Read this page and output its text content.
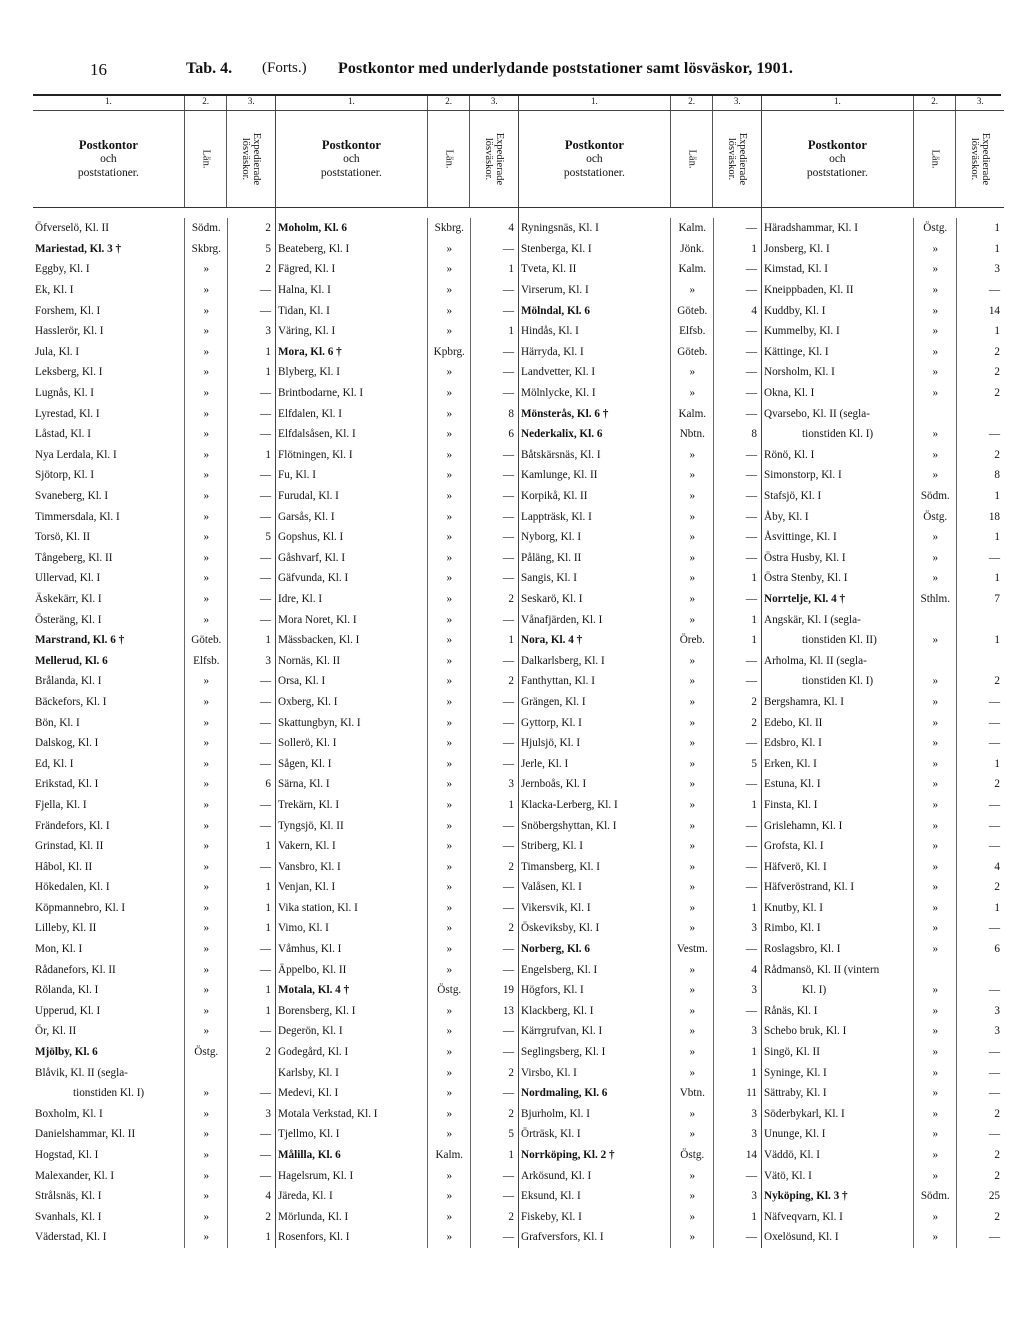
16	Tab. 4. (Forts.) Postkontor med underlydande poststationer samt lösväskor, 1901.
1.	2.	3.
Postkontor
och
poststationer.
Län.	Expedierade lösväskor.
Öfverselö, Kl. II	Södm.	2
Mariestad, Kl. 3 †	Skbrg.	5
Eggby, Kl. I	»	2
Ek, Kl. I	»	—
Forshem, Kl. I	»	—
Hasslerör, Kl. I	»	3
Jula, Kl. I	»	1
Leksberg, Kl. I	»	1
Lugnås, Kl. I	»	—
Lyrestad, Kl. I	»	—
Låstad, Kl. I	»	—
Nya Lerdala, Kl. I	»	1
Sjötorp, Kl. I	»	—
Svaneberg, Kl. I	»	—
Timmersdala, Kl. I	»	—
Torsö, Kl. II	»	5
Tångeberg, Kl. II	»	—
Ullervad, Kl. I	»	—
Äskekärr, Kl. I	»	—
Österäng, Kl. I	»	—
Marstrand, Kl. 6 †	Göteb.	1
Mellerud, Kl. 6	Elfsb.	3
Brålanda, Kl. I	»	—
Bäckefors, Kl. I	»	—
Bön, Kl. I	»	—
Dalskog, Kl. I	»	—
Ed, Kl. I	»	—
Erikstad, Kl. I	»	6
Fjella, Kl. I	»	—
Frändefors, Kl. I	»	—
Grinstad, Kl. II	»	1
Hâbol, Kl. II	»	—
Hökedalen, Kl. I	»	1
Köpmannebro, Kl. I	»	1
Lilleby, Kl. II	»	1
Mon, Kl. I	»	—
Rådanefors, Kl. II	»	—
Rölanda, Kl. I	»	1
Upperud, Kl. I	»	1
Ör, Kl. II	»	—
Mjölby, Kl. 6	Östg.	2
Blåvik, Kl. II (segla-
tionstiden Kl. I)	»	—
Boxholm, Kl. I	»	3
Danielshammar, Kl. II	»	—
Hogstad, Kl. I	»	—
Malexander, Kl. I	»	—
Strålsnäs, Kl. I	»	4
Svanhals, Kl. I	»	2
Väderstad, Kl. I	»	1
1.	2.	3.
Postkontor
och
poststationer.
Län.	Expedierade lösväskor.
Moholm, Kl. 6	Skbrg.	4
Beateberg, Kl. I	»	—
Fägred, Kl. I	»	1
Halna, Kl. I	»	—
Tidan, Kl. I	»	—
Väring, Kl. I	»	1
Mora, Kl. 6 †	Kpbrg.	—
Blyberg, Kl. I	»	—
Brintbodarne, Kl. I	»	—
Elfdalen, Kl. I	»	8
Elfdalsåsen, Kl. I	»	6
Flötningen, Kl. I	»	—
Fu, Kl. I	»	—
Furudal, Kl. I	»	—
Garsås, Kl. I	»	—
Gopshus, Kl. I	»	—
Gåshvarf, Kl. I	»	—
Gäfvunda, Kl. I	»	—
Idre, Kl. I	»	2
Mora Noret, Kl. I	»	—
Mässbacken, Kl. I	»	1
Nornäs, Kl. II	»	—
Orsa, Kl. I	»	2
Oxberg, Kl. I	»	—
Skattungbyn, Kl. I	»	—
Sollerö, Kl. I	»	—
Sågen, Kl. I	»	—
Särna, Kl. I	»	3
Trekärn, Kl. I	»	1
Tyngsjö, Kl. II	»	—
Vakern, Kl. I	»	—
Vansbro, Kl. I	»	2
Venjan, Kl. I	»	—
Vika station, Kl. I	»	—
Vimo, Kl. I	»	2
Våmhus, Kl. I	»	—
Äppelbo, Kl. II	»	—
Motala, Kl. 4 †	Östg.	19
Borensberg, Kl. I	»	13
Degerön, Kl. I	»	—
Godegård, Kl. I	»	—
Karlsby, Kl. I	»	2
Medevi, Kl. I	»	—
Motala Verkstad, Kl. I	»	2
Tjellmo, Kl. I	»	5
Målilla, Kl. 6	Kalm.	1
Hagelsrum, Kl. I	»	—
Järeda, Kl. I	»	—
Mörlunda, Kl. I	»	2
Rosenfors, Kl. I	»	—
1.	2.	3.
Postkontor
och
poststationer.
Län.	Expedierade lösväskor.
Ryningsnäs, Kl. I	Kalm.	—
Stenberga, Kl. I	Jönk.	1
Tveta, Kl. II	Kalm.	—
Virserum, Kl. I	»	—
Mölndal, Kl. 6	Göteb.	4
Hindås, Kl. I	Elfsb.	—
Härryda, Kl. I	Göteb.	—
Landvetter, Kl. I	»	—
Mölnlycke, Kl. I	»	—
Mönsterås, Kl. 6 †	Kalm.	—
Nederkalix, Kl. 6	Nbtn.	8
Båtskärsnäs, Kl. I	»	—
Kamlunge, Kl. II	»	—
Korpikå, Kl. II	»	—
Lappträsk, Kl. I	»	—
Nyborg, Kl. I	»	—
Påläng, Kl. II	»	—
Sangis, Kl. I	»	1
Seskarö, Kl. I	»	—
Vånafjärden, Kl. I	»	1
Nora, Kl. 4 †	Öreb.	1
Dalkarlsberg, Kl. I	»	—
Fanthyttan, Kl. I	»	—
Grängen, Kl. I	»	2
Gyttorp, Kl. I	»	2
Hjulsjö, Kl. I	»	—
Jerle, Kl. I	»	5
Jernboås, Kl. I	»	—
Klacka-Lerberg, Kl. I	»	1
Snöbergshyttan, Kl. I	»	—
Striberg, Kl. I	»	—
Timansberg, Kl. I	»	—
Valåsen, Kl. I	»	—
Vikersvik, Kl. I	»	1
Öskeviksby, Kl. I	»	3
Norberg, Kl. 6	Vestm.	—
Engelsberg, Kl. I	»	4
Högfors, Kl. I	»	3
Klackberg, Kl. I	»	—
Kärrgrufvan, Kl. I	»	3
Seglingsberg, Kl. I	»	1
Virsbo, Kl. I	»	1
Nordmaling, Kl. 6	Vbtn.	11
Bjurholm, Kl. I	»	3
Örträsk, Kl. I	»	3
Norrköping, Kl. 2 †	Östg.	14
Arkösund, Kl. I	»	—
Eksund, Kl. I	»	3
Fiskeby, Kl. I	»	1
Grafversfors, Kl. I	»	—
1.	2.	3.
Postkontor
och
poststationer.
Län.	Expedierade lösväskor.
Häradshammar, Kl. I	Östg.	1
Jonsberg, Kl. I	»	1
Kimstad, Kl. I	»	3
Kneippbaden, Kl. II	»	—
Kuddby, Kl. I	»	14
Kummelby, Kl. I	»	1
Kättinge, Kl. I	»	2
Norsholm, Kl. I	»	2
Okna, Kl. I	»	2
Qvarsebo, Kl. II (segla-
tionstiden Kl. I)	»	—
Rönö, Kl. I	»	2
Simonstorp, Kl. I	»	8
Stafsjö, Kl. I	Södm.	1
Åby, Kl. I	Östg.	18
Åsvittinge, Kl. I	»	1
Östra Husby, Kl. I	»	—
Östra Stenby, Kl. I	»	1
Norrtelje, Kl. 4 †	Sthlm.	7
Angskär, Kl. I (segla-
tionstiden Kl. II)	»	1
Arholma, Kl. II (segla-
tionstiden Kl. I)	»	2
Bergshamra, Kl. I	»	—
Edebo, Kl. II	»	—
Edsbro, Kl. I	»	—
Erken, Kl. I	»	1
Estuna, Kl. I	»	2
Finsta, Kl. I	»	—
Grislehamn, Kl. I	»	—
Grofsta, Kl. I	»	—
Häfverö, Kl. I	»	4
Häfveröstrand, Kl. I	»	2
Knutby, Kl. I	»	1
Rimbo, Kl. I	»	—
Roslagsbro, Kl. I	»	6
Rådmansö, Kl. II (vintern
Kl. I)	»	—
Rånäs, Kl. I	»	3
Schebo bruk, Kl. I	»	3
Singö, Kl. II	»	—
Syninge, Kl. I	»	—
Sättraby, Kl. I	»	—
Söderbykarl, Kl. I	»	2
Ununge, Kl. I	»	—
Väddö, Kl. I	»	2
Vätö, Kl. I	»	2
Nyköping, Kl. 3 †	Södm.	25
Näfveqvarn, Kl. I	»	2
Oxelösund, Kl. I	»	—
